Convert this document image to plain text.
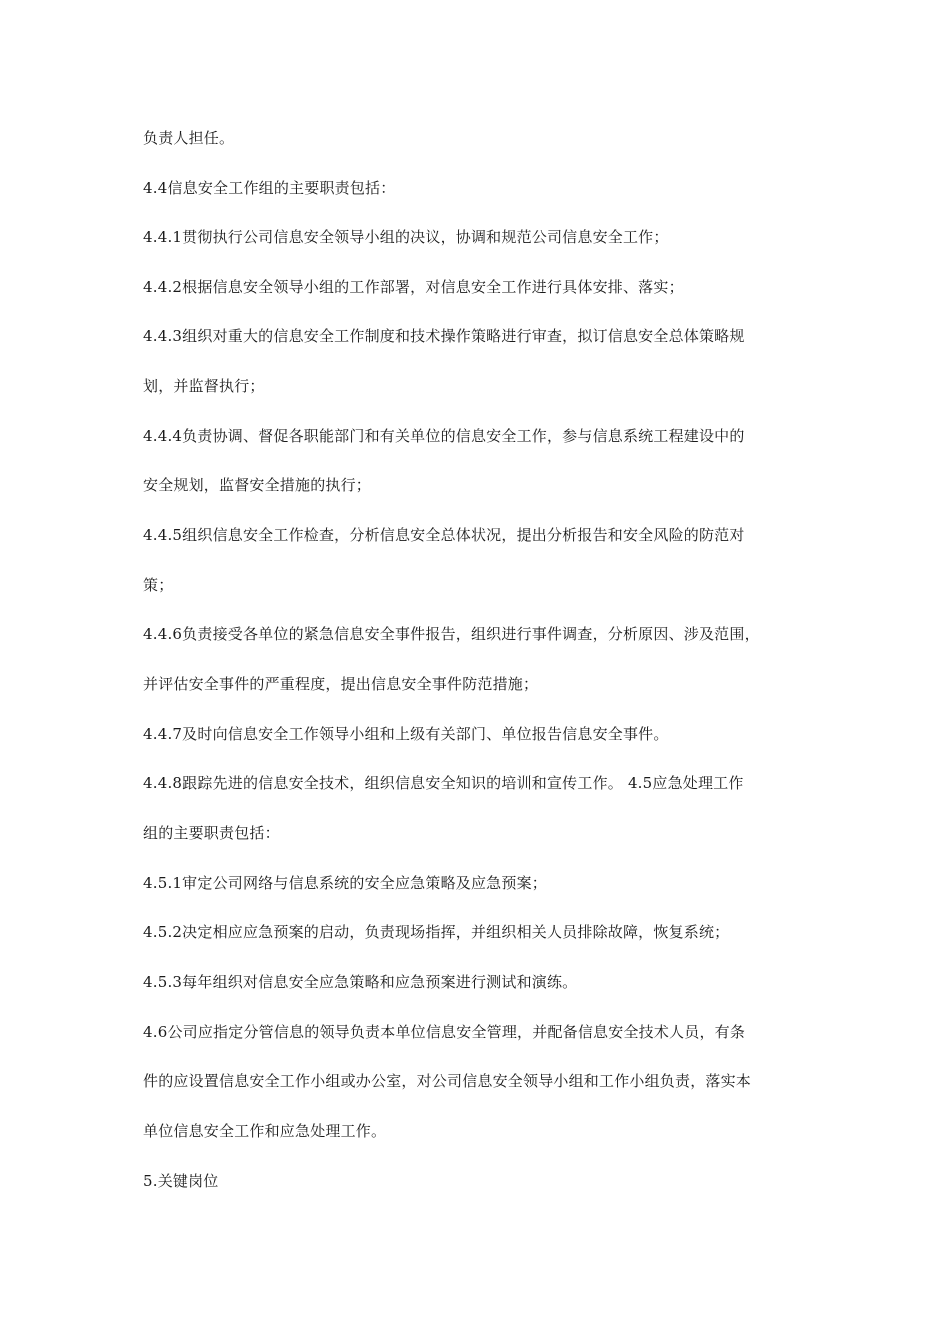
负责人担任。
4.4信息安全工作组的主要职责包括：
4.4.1贯彻执行公司信息安全领导小组的决议，协调和规范公司信息安全工作；
4.4.2根据信息安全领导小组的工作部署，对信息安全工作进行具体安排、落实；
4.4.3组织对重大的信息安全工作制度和技术操作策略进行审查，拟订信息安全总体策略规
划，并监督执行；
4.4.4负责协调、督促各职能部门和有关单位的信息安全工作，参与信息系统工程建设中的
安全规划，监督安全措施的执行；
4.4.5组织信息安全工作检查，分析信息安全总体状况，提出分析报告和安全风险的防范对
策；
4.4.6负责接受各单位的紧急信息安全事件报告，组织进行事件调查，分析原因、涉及范围，
并评估安全事件的严重程度，提出信息安全事件防范措施；
4.4.7及时向信息安全工作领导小组和上级有关部门、单位报告信息安全事件。
4.4.8跟踪先进的信息安全技术，组织信息安全知识的培训和宣传工作。 4.5应急处理工作
组的主要职责包括：
4.5.1审定公司网络与信息系统的安全应急策略及应急预案；
4.5.2决定相应应急预案的启动，负责现场指挥，并组织相关人员排除故障，恢复系统；
4.5.3每年组织对信息安全应急策略和应急预案进行测试和演练。
4.6公司应指定分管信息的领导负责本单位信息安全管理，并配备信息安全技术人员，有条
件的应设置信息安全工作小组或办公室，对公司信息安全领导小组和工作小组负责，落实本
单位信息安全工作和应急处理工作。
5.关键岗位
